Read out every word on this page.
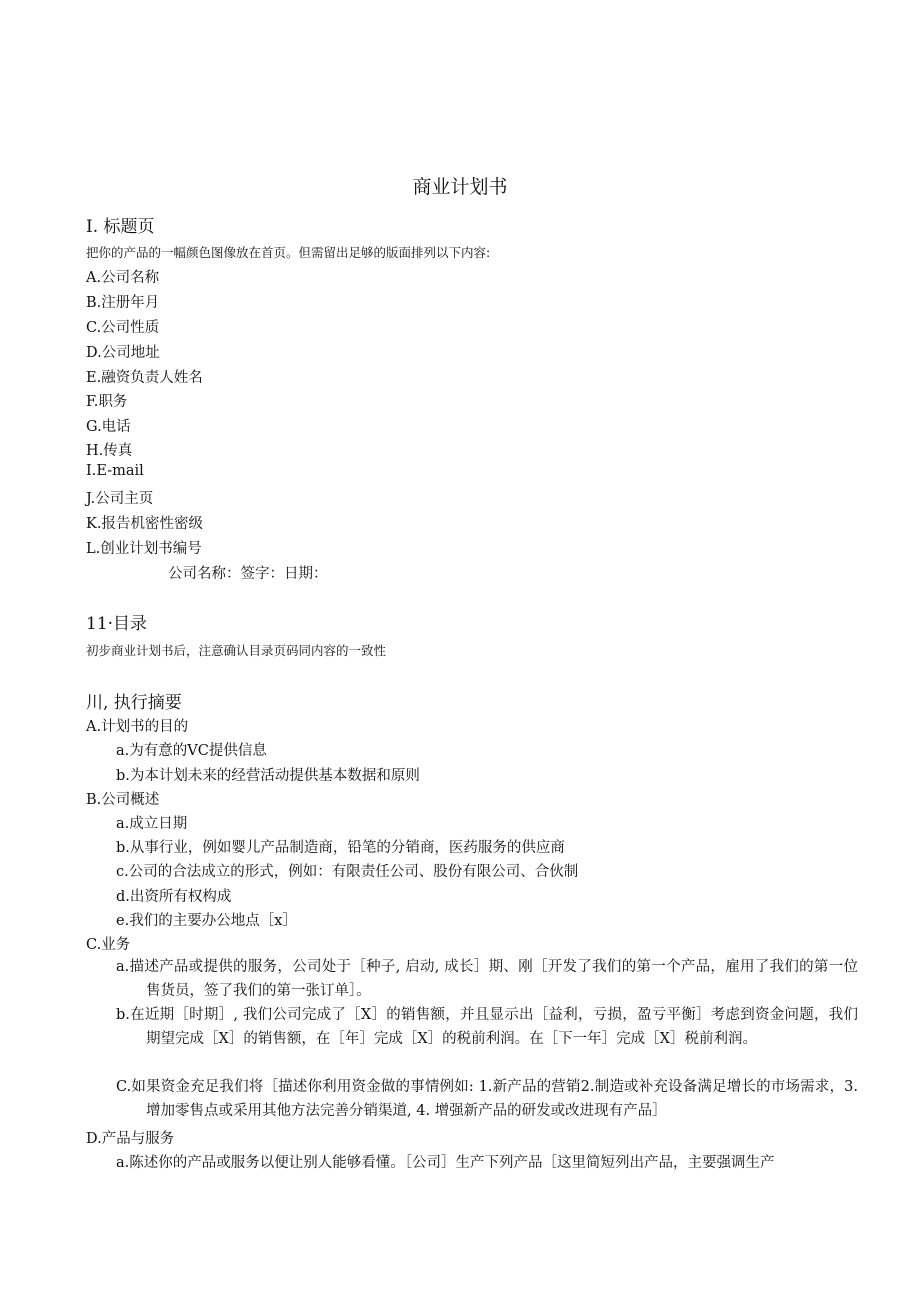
商业计划书
I. 标题页
把你的产品的一幅颜色图像放在首页。但需留出足够的版面排列以下内容:
A.公司名称
B.注册年月
C.公司性质
D.公司地址
E.融资负责人姓名
F.职务
G.电话
H.传真
I.E-mail
J.公司主页
K.报告机密性密级
L.创业计划书编号
公司名称：签字：日期：
11·目录
初步商业计划书后，注意确认目录页码同内容的一致性
川, 执行摘要
A.计划书的目的
a.为有意的VC提供信息
b.为本计划未来的经营活动提供基本数据和原则
B.公司概述
a.成立日期
b.从事行业，例如婴儿产品制造商，铅笔的分销商，医药服务的供应商
c.公司的合法成立的形式，例如：有限责任公司、股份有限公司、合伙制
d.出资所有权构成
e.我们的主要办公地点［x］
C.业务
a.描述产品或提供的服务，公司处于［种子, 启动, 成长］期、刚［开发了我们的第一个产品，雇用了我们的第一位售货员，签了我们的第一张订单］。
b.在近期［时期］, 我们公司完成了［X］的销售额，并且显示出［益利，亏损，盈亏平衡］考虑到资金问题，我们期望完成［X］的销售额，在［年］完成［X］的税前利润。在［下一年］完成［X］税前利润。
C.如果资金充足我们将［描述你利用资金做的事情例如: 1.新产品的营销2.制造或补充设备满足增长的市场需求，3.增加零售点或采用其他方法完善分销渠道, 4. 增强新产品的研发或改进现有产品］
D.产品与服务
a.陈述你的产品或服务以便让别人能够看懂。［公司］生产下列产品［这里简短列出产品，主要强调生产
